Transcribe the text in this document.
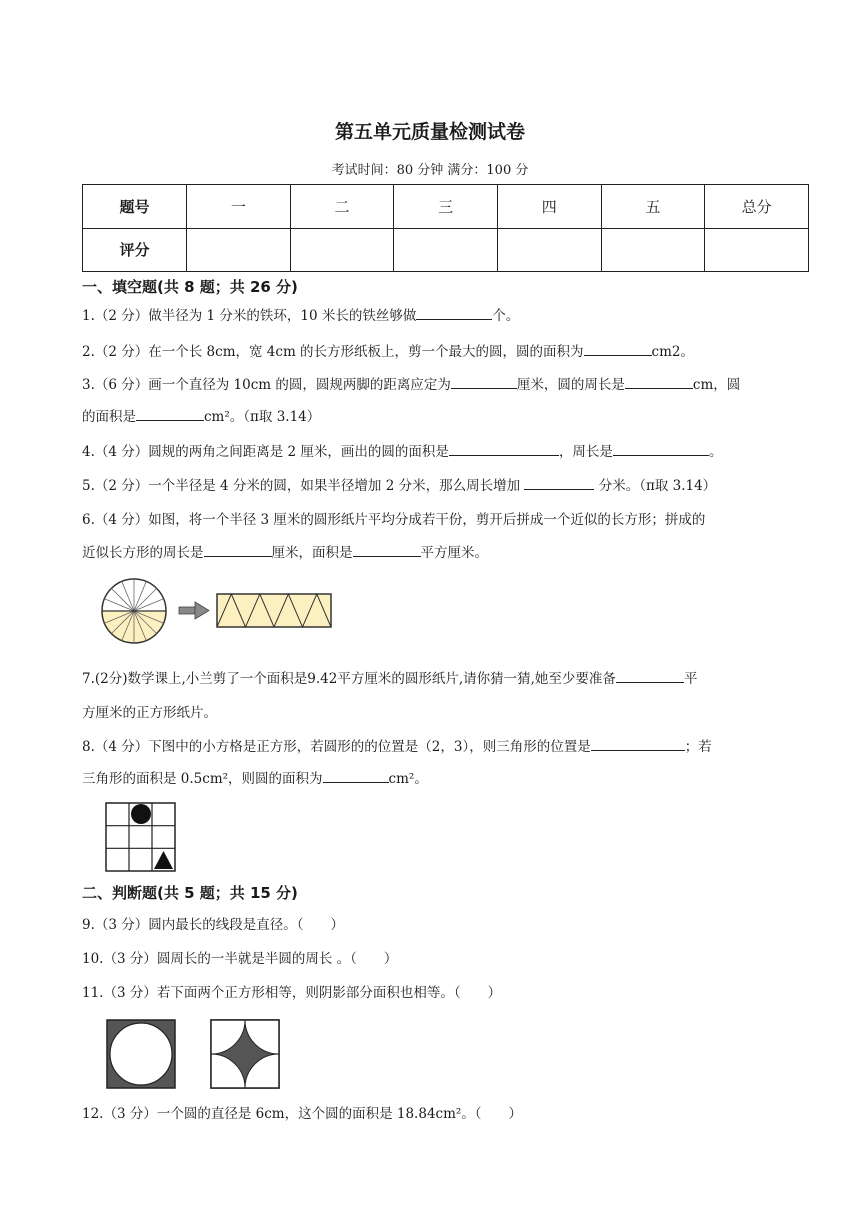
第五单元质量检测试卷
考试时间：80 分钟 满分：100 分
题号	一	二	三	四	五	总分
评分						
一、填空题(共 8 题；共 26 分)
1.（2 分）做半径为 1 分米的铁环，10 米长的铁丝够做	个。
2.（2 分）在一个长 8cm，宽 4cm 的长方形纸板上，剪一个最大的圆，圆的面积为	cm2。
3.（6 分）画一个直径为 10cm 的圆，圆规两脚的距离应定为	厘米，圆的周长是	cm，圆
的面积是	cm²。（π取 3.14）
4.（4 分）圆规的两角之间距离是 2 厘米，画出的圆的面积是	，周长是	。
5.（2 分）一个半径是 4 分米的圆，如果半径增加 2 分米，那么周长增加	分米。（π取 3.14）
6.（4 分）如图，将一个半径 3 厘米的圆形纸片平均分成若干份，剪开后拼成一个近似的长方形；拼成的
近似长方形的周长是	厘米，面积是	平方厘米。
7.(2分)数学课上,小兰剪了一个面积是9.42平方厘米的圆形纸片,请你猜一猜,她至少要准备	平
方厘米的正方形纸片。
8.（4 分）下图中的小方格是正方形，若圆形的的位置是（2，3），则三角形的位置是	；若
三角形的面积是 0.5cm²，则圆的面积为	cm²。
二、判断题(共 5 题；共 15 分)
9.（3 分）圆内最长的线段是直径。（　　）
10.（3 分）圆周长的一半就是半圆的周长 。（　　）
11.（3 分）若下面两个正方形相等，则阴影部分面积也相等。（　　）
12.（3 分）一个圆的直径是 6cm，这个圆的面积是 18.84cm²。（　　）
